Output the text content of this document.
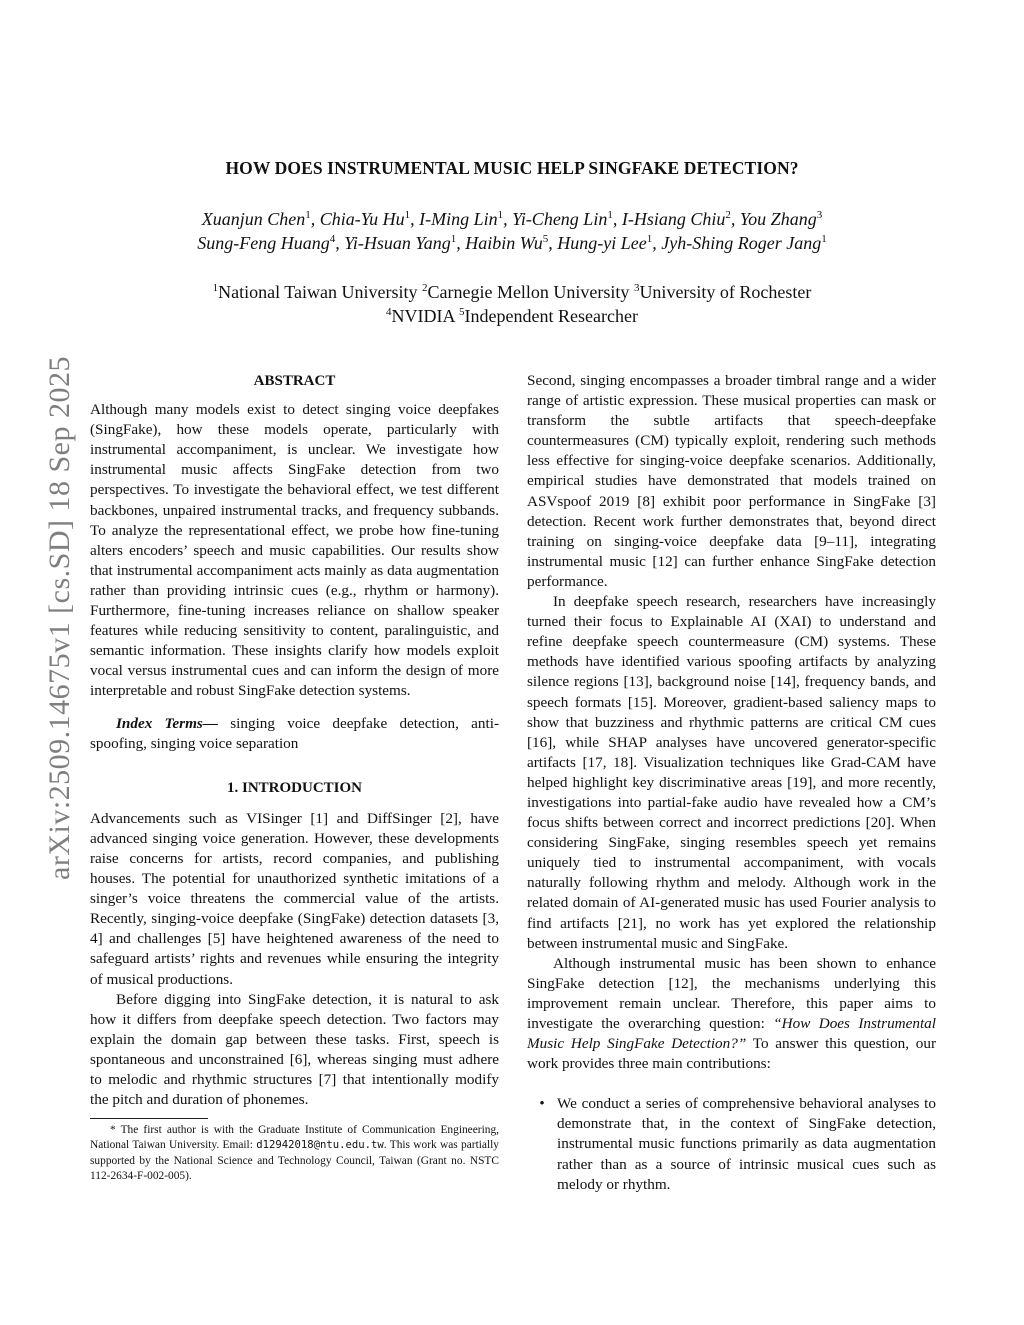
arXiv:2509.14675v1 [cs.SD] 18 Sep 2025
HOW DOES INSTRUMENTAL MUSIC HELP SINGFAKE DETECTION?
Xuanjun Chen$^1$, Chia-Yu Hu$^1$, I-Ming Lin$^1$, Yi-Cheng Lin$^1$, I-Hsiang Chiu$^2$, You Zhang$^3$
Sung-Feng Huang$^4$, Yi-Hsuan Yang$^1$, Haibin Wu$^5$, Hung-yi Lee$^1$, Jyh-Shing Roger Jang$^1$
$^1$National Taiwan University $^2$Carnegie Mellon University $^3$University of Rochester
$^4$NVIDIA $^5$Independent Researcher
ABSTRACT

Although many models exist to detect singing voice deepfakes (SingFake), how these models operate, particularly with instrumental accompaniment, is unclear. We investigate how instrumental music affects SingFake detection from two perspectives. To investigate the behavioral effect, we test different backbones, unpaired instrumental tracks, and frequency subbands. To analyze the representational effect, we probe how fine-tuning alters encoders’ speech and music capabilities. Our results show that instrumental accompaniment acts mainly as data augmentation rather than providing intrinsic cues (e.g., rhythm or harmony). Furthermore, fine-tuning increases reliance on shallow speaker features while reducing sensitivity to content, paralinguistic, and semantic information. These insights clarify how models exploit vocal versus instrumental cues and can inform the design of more interpretable and robust SingFake detection systems.

Index Terms— singing voice deepfake detection, anti-spoofing, singing voice separation

1. INTRODUCTION

Advancements such as VISinger [1] and DiffSinger [2], have advanced singing voice generation. However, these developments raise concerns for artists, record companies, and publishing houses. The potential for unauthorized synthetic imitations of a singer’s voice threatens the commercial value of the artists. Recently, singing-voice deepfake (SingFake) detection datasets [3, 4] and challenges [5] have heightened awareness of the need to safeguard artists’ rights and revenues while ensuring the integrity of musical productions.

Before digging into SingFake detection, it is natural to ask how it differs from deepfake speech detection. Two factors may explain the domain gap between these tasks. First, speech is spontaneous and unconstrained [6], whereas singing must adhere to melodic and rhythmic structures [7] that intentionally modify the pitch and duration of phonemes.

* The first author is with the Graduate Institute of Communication Engineering, National Taiwan University. Email: d12942018@ntu.edu.tw. This work was partially supported by the National Science and Technology Council, Taiwan (Grant no. NSTC 112-2634-F-002-005).

Second, singing encompasses a broader timbral range and a wider range of artistic expression. These musical properties can mask or transform the subtle artifacts that speech-deepfake countermeasures (CM) typically exploit, rendering such methods less effective for singing-voice deepfake scenarios. Additionally, empirical studies have demonstrated that models trained on ASVspoof 2019 [8] exhibit poor performance in SingFake [3] detection. Recent work further demonstrates that, beyond direct training on singing-voice deepfake data [9–11], integrating instrumental music [12] can further enhance SingFake detection performance.

In deepfake speech research, researchers have increasingly turned their focus to Explainable AI (XAI) to understand and refine deepfake speech countermeasure (CM) systems. These methods have identified various spoofing artifacts by analyzing silence regions [13], background noise [14], frequency bands, and speech formats [15]. Moreover, gradient-based saliency maps to show that buzziness and rhythmic patterns are critical CM cues [16], while SHAP analyses have uncovered generator-specific artifacts [17, 18]. Visualization techniques like Grad-CAM have helped highlight key discriminative areas [19], and more recently, investigations into partial-fake audio have revealed how a CM’s focus shifts between correct and incorrect predictions [20]. When considering SingFake, singing resembles speech yet remains uniquely tied to instrumental accompaniment, with vocals naturally following rhythm and melody. Although work in the related domain of AI-generated music has used Fourier analysis to find artifacts [21], no work has yet explored the relationship between instrumental music and SingFake.

Although instrumental music has been shown to enhance SingFake detection [12], the mechanisms underlying this improvement remain unclear. Therefore, this paper aims to investigate the overarching question: “How Does Instrumental Music Help SingFake Detection?” To answer this question, our work provides three main contributions:

• We conduct a series of comprehensive behavioral analyses to demonstrate that, in the context of SingFake detection, instrumental music functions primarily as data augmentation rather than as a source of intrinsic musical cues such as melody or rhythm.
